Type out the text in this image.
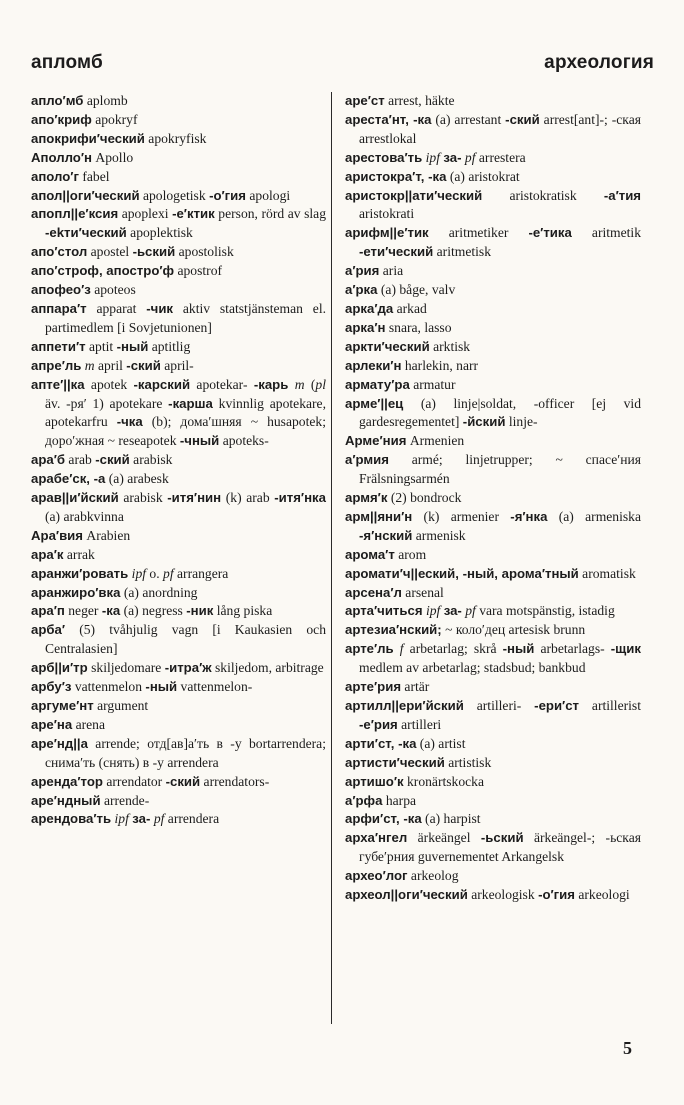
апломб	археология

апло′мб aplomb

апо′криф apokryf

апокрифи′ческий apokryfisk

Аполло′н Apollo

аполо′г fabel

апол||оги′ческий apologetisk -о′гия apologi

апопл||е′ксия apoplexi -е′ктик person, rörd av slag -ekти′ческий apoplektisk

апо′стол apostel -ьский apostolisk

апо′строф, апостро′ф apostrof

апофео′з apoteos

аппара′т apparat -чик aktiv statstjänsteman el. partimedlem [i Sovjetunionen]

аппети′т aptit -ный aptitlig

апре′ль m april -ский april-

апте′||ка apotek -карский apotekar- -карь m (pl äv. -ря′ 1) apotekare -карша kvinnlig apotekare, apotekarfru -чка (b); дома′шняя ~ husapotek; доро′жная ~ reseapotek -чный apoteks-

ара′б arab -ский arabisk

арабе′ск, -а (a) arabesk

арав||и′йский arabisk -итя′нин (k) arab -итя′нка (a) arabkvinna

Ара′вия Arabien

ара′к arrak

аранжи′ровать ipf o. pf arrangera

аранжиро′вка (a) anordning

ара′п neger -ка (a) negress -ник lång piska

арба′ (5) tvåhjulig vagn [i Kaukasien och Centralasien]

арб||и′тр skiljedomare -итра′ж skiljedom, arbitrage

арбу′з vattenmelon -ный vattenmelon-

аргуме′нт argument

аре′на arena

аре′нд||а arrende; отд[ав]а′ть в -у bortarrendera; снима′ть (снять) в -у arrendera

аренда′тор arrendator -ский arrendators-

аре′ндный arrende-

арендова′ть ipf за- pf arrendera

аре′ст arrest, häkte

ареста′нт, -ка (a) arrestant -ский arrest[ant]-; -ская arrestlokal

арестова′ть ipf за- pf arrestera

аристокра′т, -ка (a) aristokrat

аристокр||ати′ческий aristokratisk -а′тия aristokrati

арифм||е′тик aritmetiker -е′тика aritmetik -ети′ческий aritmetisk

а′рия aria

а′рка (a) båge, valv

арка′да arkad

арка′н snara, lasso

аркти′ческий arktisk

арлеки′н harlekin, narr

армату′ра armatur

арме′||ец (a) linje|soldat, -officer [ej vid gardesregementet] -йский linje-

Арме′ния Armenien

а′рмия armé; linjetrupper; ~ спасе′ния Frälsningsarmén

армя′к (2) bondrock

арм||яни′н (k) armenier -я′нка (a) armeniska -я′нский armenisk

арома′т arom

аромати′ч||еский, -ный, арома′тный aromatisk

арсена′л arsenal

арта′читься ipf за- pf vara motspänstig, istadig

артезиа′нский; ~ коло′дец artesisk brunn

арте′ль f arbetarlag; skrå -ный arbetarlags- -щик medlem av arbetarlag; stadsbud; bankbud

арте′рия artär

артилл||ери′йский artilleri- -ери′ст artillerist -е′рия artilleri

арти′ст, -ка (a) artist

артисти′ческий artistisk

артишо′к kronärtskocka

а′рфа harpa

арфи′ст, -ка (a) harpist

арха′нгел ärkeängel -ьский ärkeängel-; -ьская губе′рния guvernementet Arkangelsk

архео′лог arkeolog

археол||оги′ческий arkeologisk -о′гия arkeologi

5
